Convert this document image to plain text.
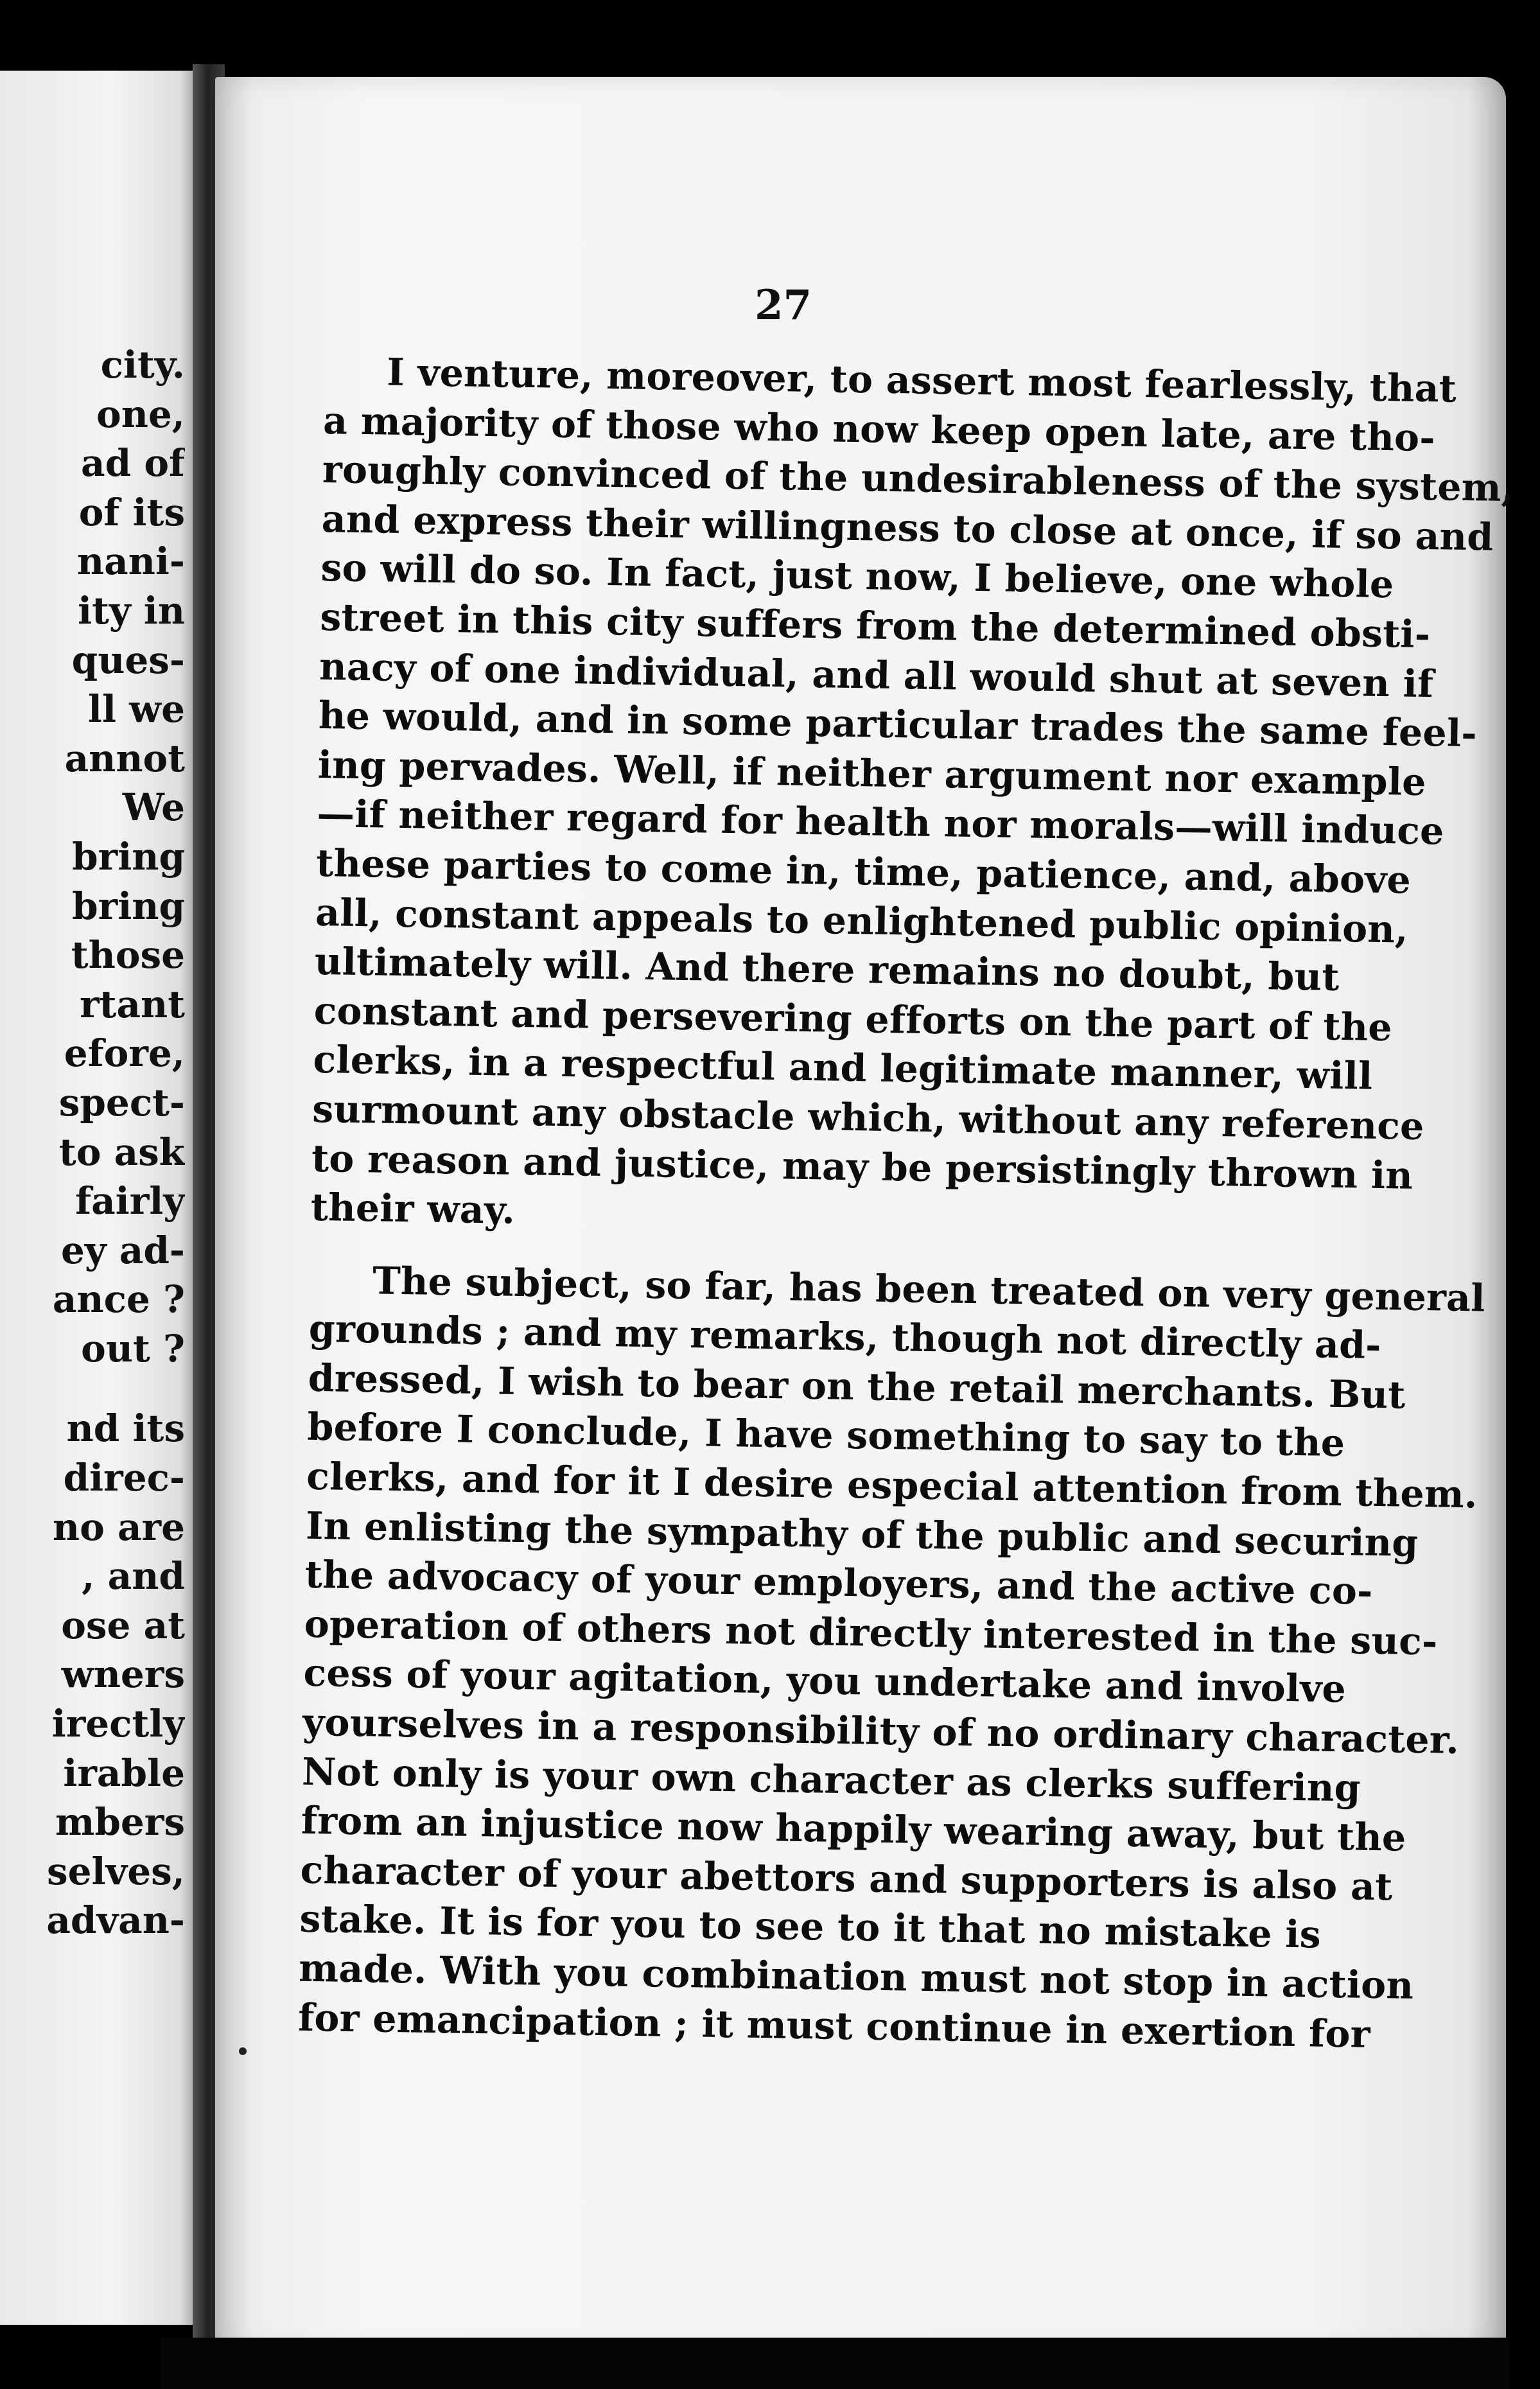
city.
one,
ad of
of its
nani-
ity in
ques-
ll we
annot
We
bring
bring
those
rtant
efore,
spect-
to ask
fairly
ey ad-
ance ?
out ?
nd its
direc-
no are
, and
ose at
wners
irectly
irable
mbers
selves,
advan-
27
I venture, moreover, to assert most fearlessly, that
a majority of those who now keep open late, are tho-
roughly convinced of the undesirableness of the system,
and express their willingness to close at once, if so and
so will do so. In fact, just now, I believe, one whole
street in this city suffers from the determined obsti-
nacy of one individual, and all would shut at seven if
he would, and in some particular trades the same feel-
ing pervades. Well, if neither argument nor example
—if neither regard for health nor morals—will induce
these parties to come in, time, patience, and, above
all, constant appeals to enlightened public opinion,
ultimately will. And there remains no doubt, but
constant and persevering efforts on the part of the
clerks, in a respectful and legitimate manner, will
surmount any obstacle which, without any reference
to reason and justice, may be persistingly thrown in
their way.
The subject, so far, has been treated on very general
grounds ; and my remarks, though not directly ad-
dressed, I wish to bear on the retail merchants. But
before I conclude, I have something to say to the
clerks, and for it I desire especial attention from them.
In enlisting the sympathy of the public and securing
the advocacy of your employers, and the active co-
operation of others not directly interested in the suc-
cess of your agitation, you undertake and involve
yourselves in a responsibility of no ordinary character.
Not only is your own character as clerks suffering
from an injustice now happily wearing away, but the
character of your abettors and supporters is also at
stake. It is for you to see to it that no mistake is
made. With you combination must not stop in action
for emancipation ; it must continue in exertion for
